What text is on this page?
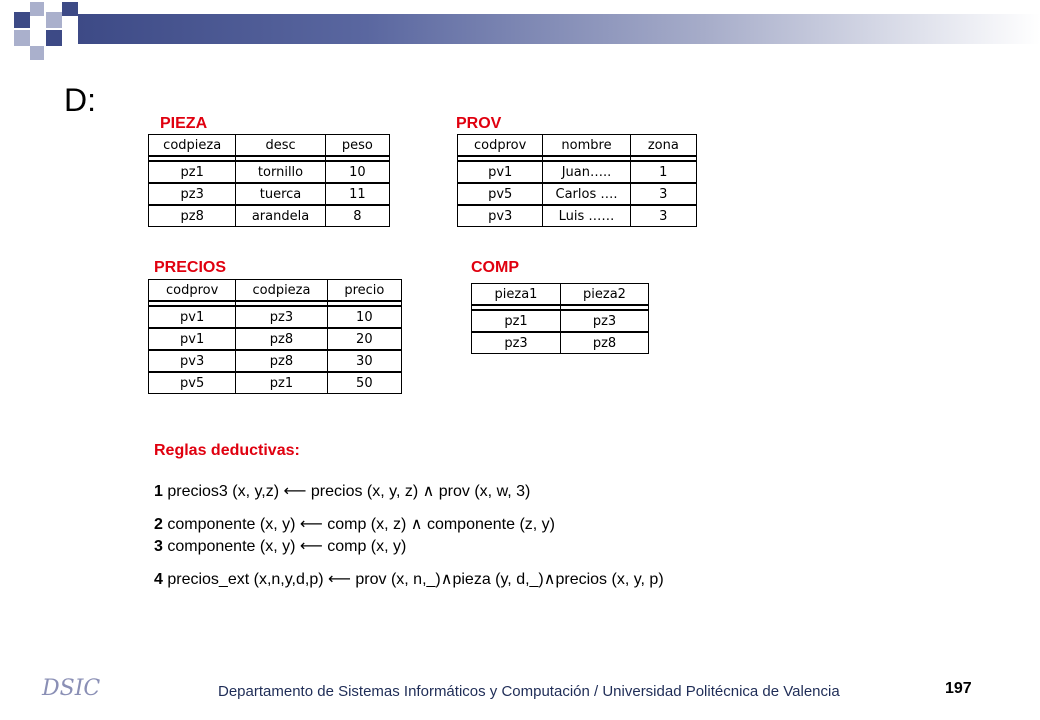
D:
PIEZA
codpieza	desc	peso

pz1	tornillo	10
pz3	tuerca	11
pz8	arandela	8
PROV
codprov	nombre	zona

pv1	Juan…..	1
pv5	Carlos ….	3
pv3	Luis ……	3
PRECIOS
codprov	codpieza	precio

pv1	pz3	10
pv1	pz8	20
pv3	pz8	30
pv5	pz1	50
COMP
pieza1	pieza2

pz1	pz3
pz3	pz8
Reglas deductivas:
1 precios3 (x, y,z) ⟵ precios (x, y, z) ∧ prov (x, w, 3)
2 componente (x, y) ⟵ comp (x, z) ∧ componente (z, y)
3 componente (x, y) ⟵ comp (x, y)
4 precios_ext (x,n,y,d,p) ⟵ prov (x, n,_)∧pieza (y, d,_)∧precios (x, y, p)
DSIC	Departamento de Sistemas Informáticos y Computación / Universidad Politécnica de Valencia	197
